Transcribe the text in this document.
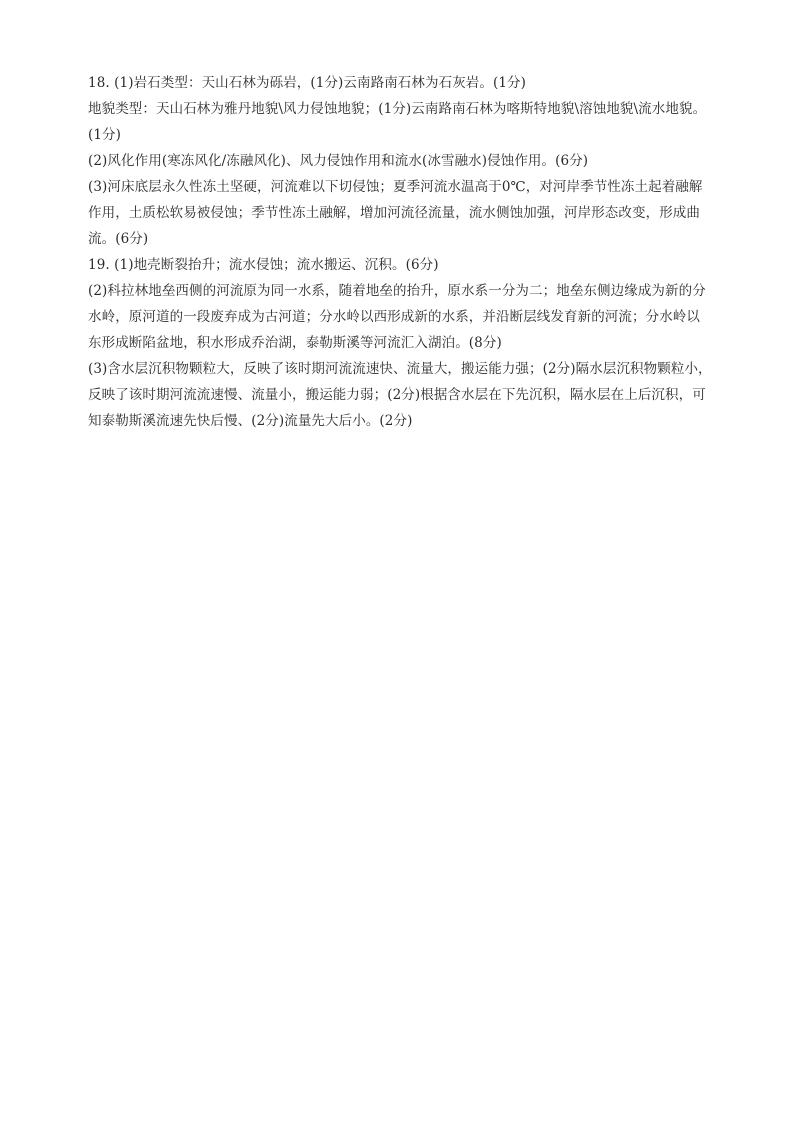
18. (1)岩石类型：天山石林为砾岩，(1分)云南路南石林为石灰岩。(1分)
地貌类型：天山石林为雅丹地貌\风力侵蚀地貌；(1分)云南路南石林为喀斯特地貌\溶蚀地貌\流水地貌。
(1分)
(2)风化作用(寒冻风化/冻融风化)、风力侵蚀作用和流水(冰雪融水)侵蚀作用。(6分)
(3)河床底层永久性冻土坚硬，河流难以下切侵蚀；夏季河流水温高于0℃，对河岸季节性冻土起着融解
作用，土质松软易被侵蚀；季节性冻土融解，增加河流径流量，流水侧蚀加强，河岸形态改变，形成曲
流。(6分)
19. (1)地壳断裂抬升；流水侵蚀；流水搬运、沉积。(6分)
(2)科拉林地垒西侧的河流原为同一水系，随着地垒的抬升，原水系一分为二；地垒东侧边缘成为新的分
水岭，原河道的一段废弃成为古河道；分水岭以西形成新的水系，并沿断层线发育新的河流；分水岭以
东形成断陷盆地，积水形成乔治湖，泰勒斯溪等河流汇入湖泊。(8分)
(3)含水层沉积物颗粒大，反映了该时期河流流速快、流量大，搬运能力强；(2分)隔水层沉积物颗粒小，
反映了该时期河流流速慢、流量小，搬运能力弱；(2分)根据含水层在下先沉积，隔水层在上后沉积，可
知泰勒斯溪流速先快后慢、(2分)流量先大后小。(2分)
